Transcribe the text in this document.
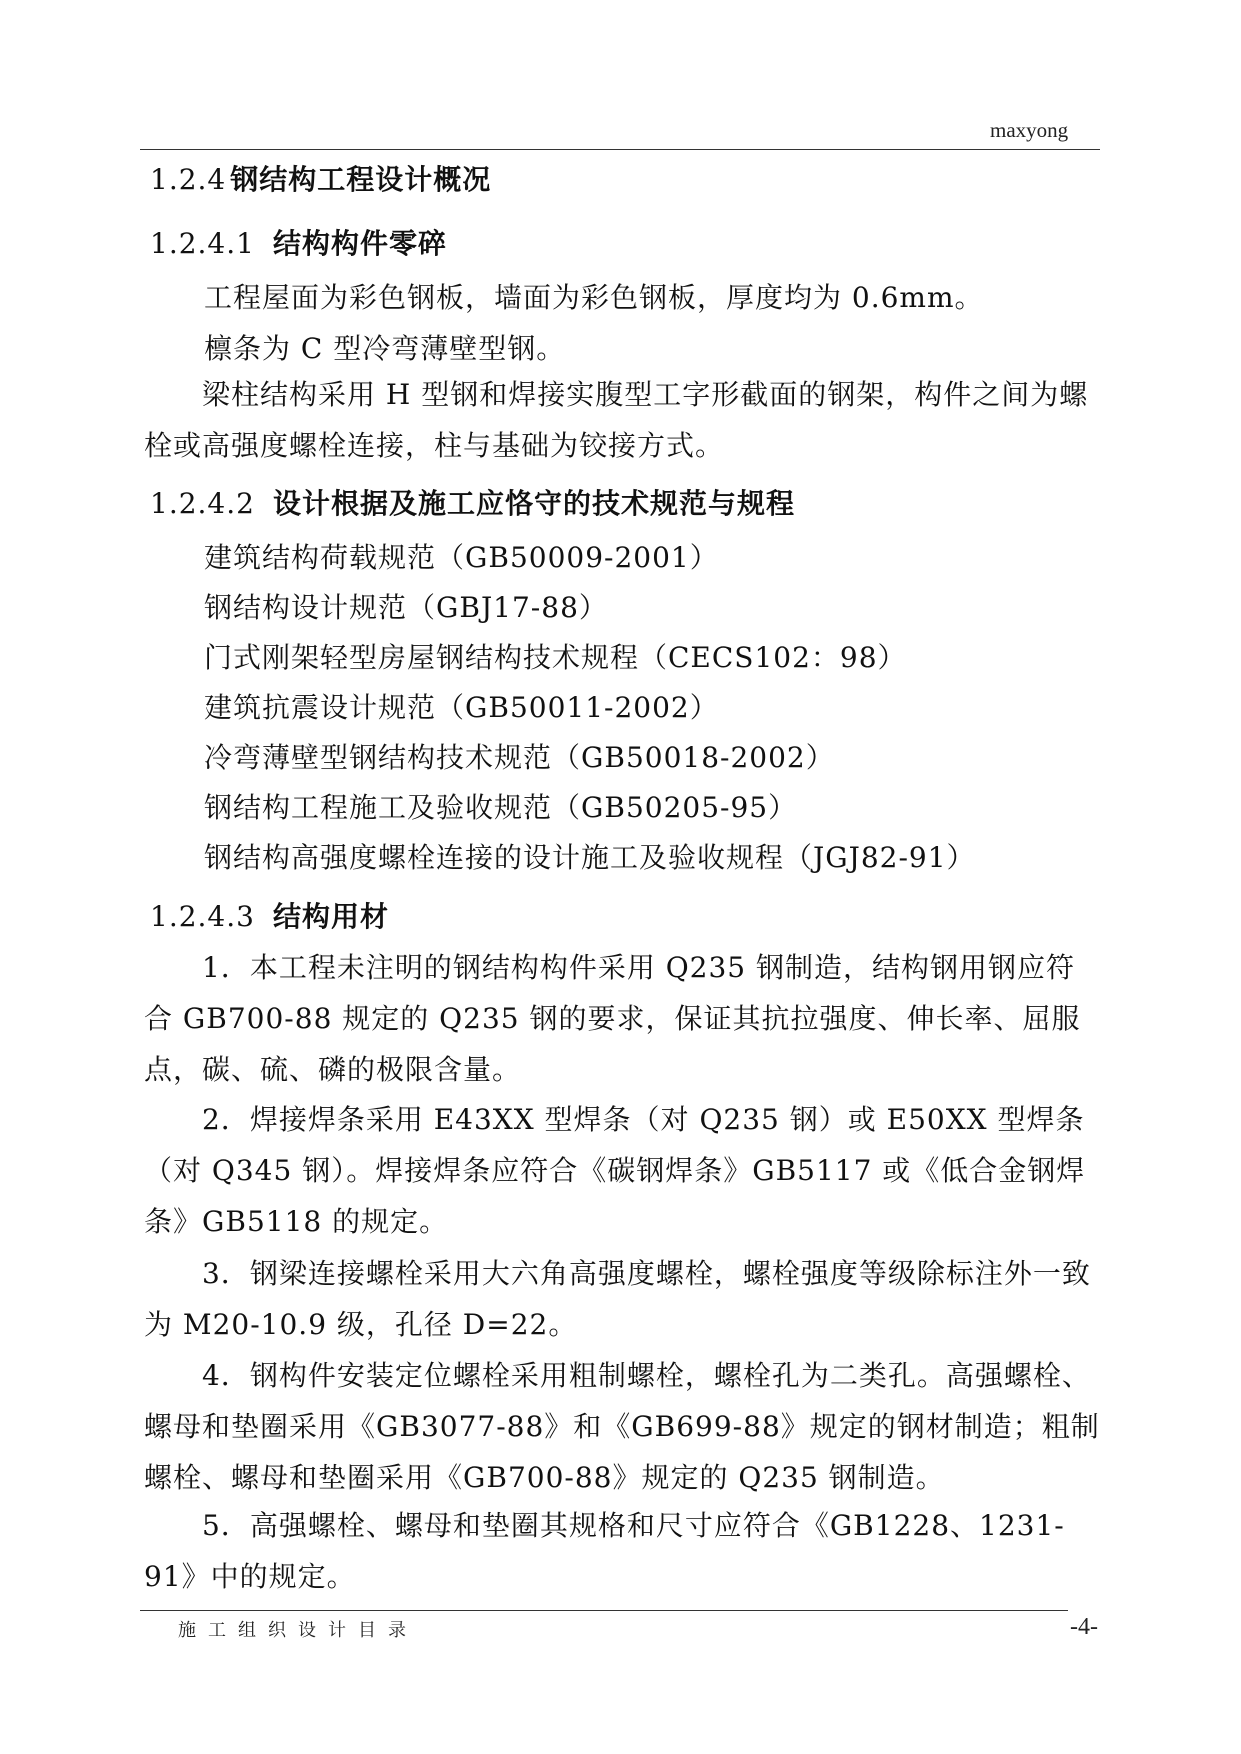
maxyong
1.2.4 钢结构工程设计概况
1.2.4.1 结构构件零碎
工程屋面为彩色钢板，墙面为彩色钢板，厚度均为 0.6mm。
檩条为 C 型冷弯薄壁型钢。
梁柱结构采用 H 型钢和焊接实腹型工字形截面的钢架，构件之间为螺栓或高强度螺栓连接，柱与基础为铰接方式。
1.2.4.2 设计根据及施工应恪守的技术规范与规程
建筑结构荷载规范（GB50009-2001）
钢结构设计规范（GBJ17-88）
门式刚架轻型房屋钢结构技术规程（CECS102：98）
建筑抗震设计规范（GB50011-2002）
冷弯薄壁型钢结构技术规范（GB50018-2002）
钢结构工程施工及验收规范（GB50205-95）
钢结构高强度螺栓连接的设计施工及验收规程（JGJ82-91）
1.2.4.3 结构用材
1．本工程未注明的钢结构构件采用 Q235 钢制造，结构钢用钢应符合 GB700-88 规定的 Q235 钢的要求，保证其抗拉强度、伸长率、屈服点，碳、硫、磷的极限含量。
2．焊接焊条采用 E43XX 型焊条（对 Q235 钢）或 E50XX 型焊条（对 Q345 钢）。焊接焊条应符合《碳钢焊条》GB5117 或《低合金钢焊条》GB5118 的规定。
3．钢梁连接螺栓采用大六角高强度螺栓，螺栓强度等级除标注外一致为 M20-10.9 级，孔径 D=22。
4．钢构件安装定位螺栓采用粗制螺栓，螺栓孔为二类孔。高强螺栓、螺母和垫圈采用《GB3077-88》和《GB699-88》规定的钢材制造；粗制螺栓、螺母和垫圈采用《GB700-88》规定的 Q235 钢制造。
5．高强螺栓、螺母和垫圈其规格和尺寸应符合《GB1228、1231-91》中的规定。
施工组织设计目录	-4-
